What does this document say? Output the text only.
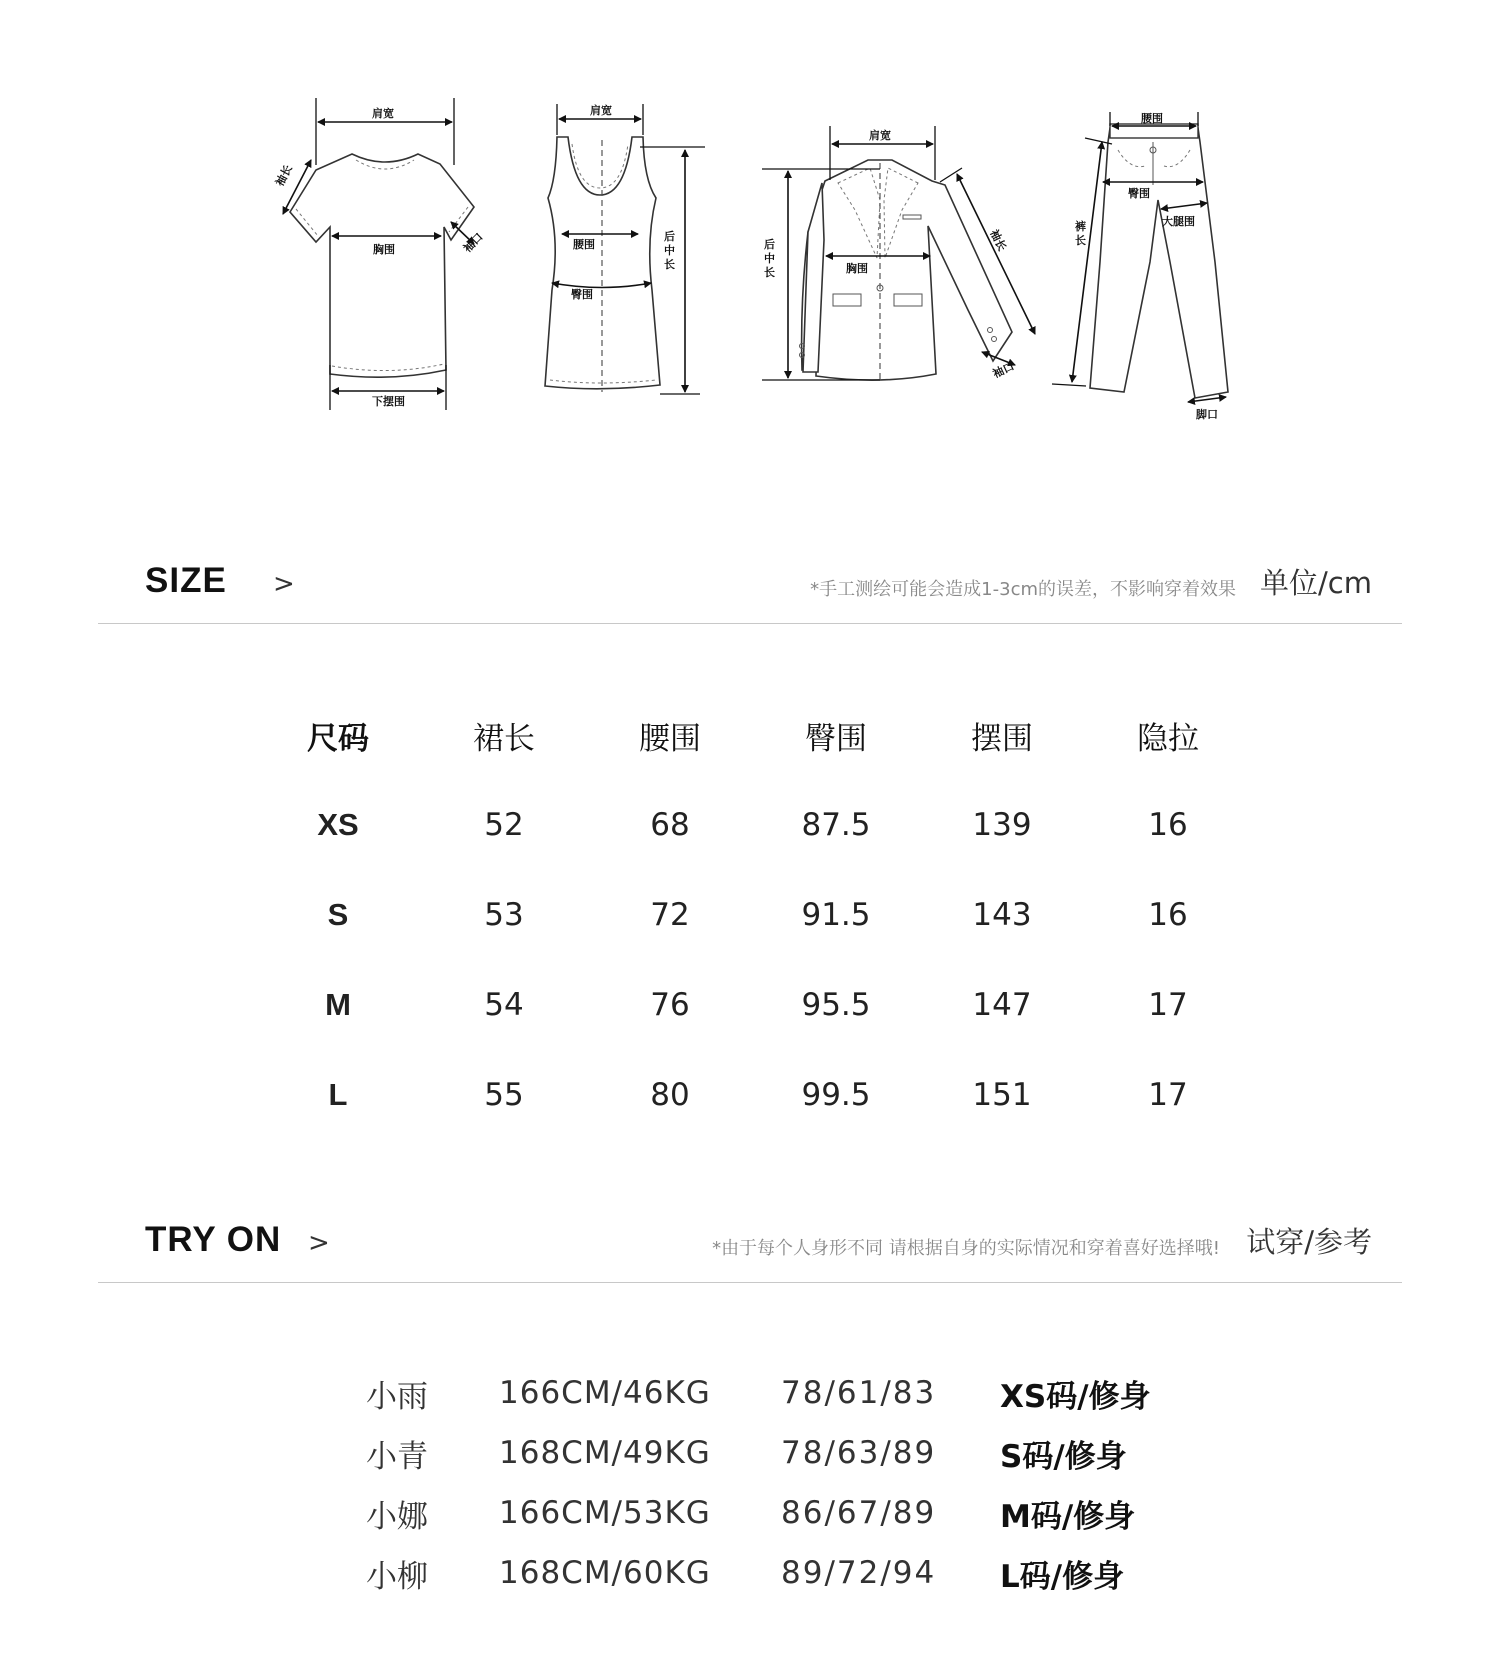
肩宽
袖长
胸围	袖口
下摆围
肩宽
腰围
臀围
后中长
肩宽
后中长	胸围
袖长
袖口
腰围
臀围
大腿围
裤长
脚口
SIZE >	*手工测绘可能会造成1-3cm的误差，不影响穿着效果 单位/cm
尺码	裙长	腰围	臀围	摆围	隐拉
XS	52	68	87.5	139	16
S	53	72	91.5	143	16
M	54	76	95.5	147	17
L	55	80	99.5	151	17
TRY ON >	*由于每个人身形不同 请根据自身的实际情况和穿着喜好选择哦! 试穿/参考
小雨	166CM/46KG	78/61/83	XS码/修身
小青	168CM/49KG	78/63/89	S码/修身
小娜	166CM/53KG	86/67/89	M码/修身
小柳	168CM/60KG	89/72/94	L码/修身
